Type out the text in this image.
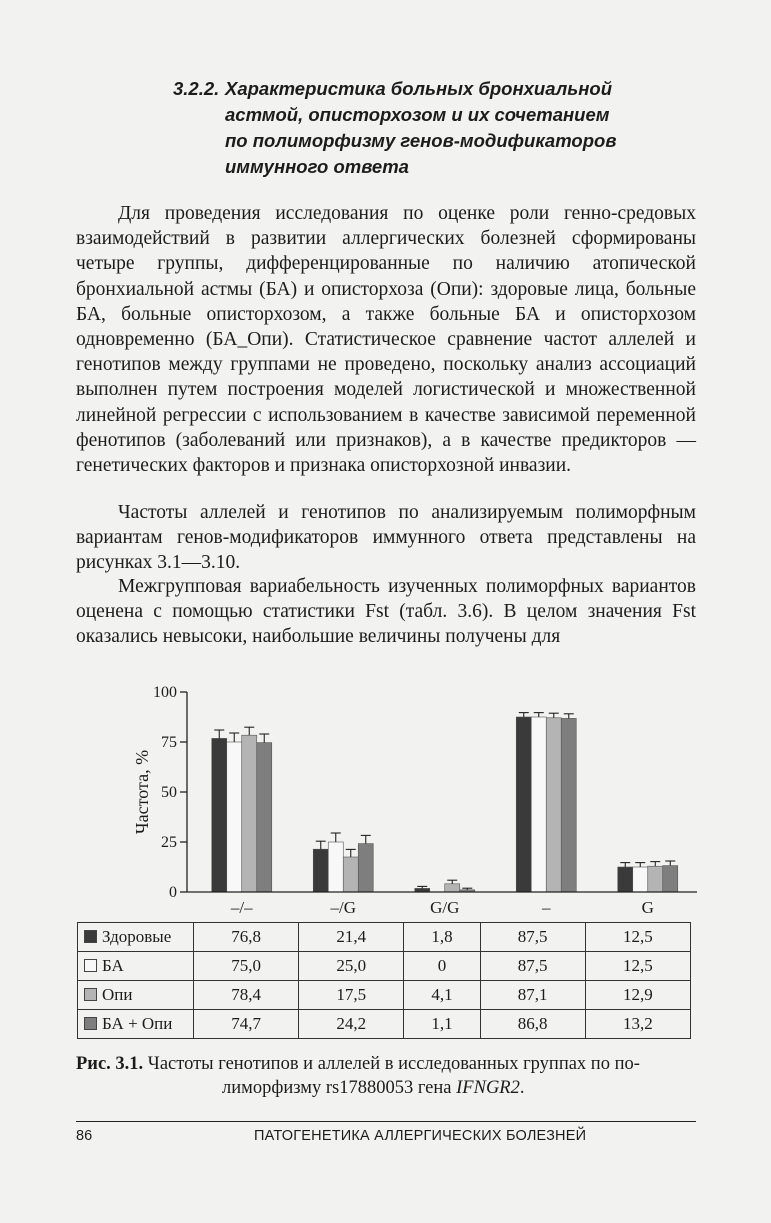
3.2.2. Характеристика больных бронхиальной
астмой, описторхозом и их сочетанием
по полиморфизму генов-модификаторов
иммунного ответа

Для проведения исследования по оценке роли генно-средовых взаимодействий в развитии аллергических болезней сформированы четыре группы, дифференцированные по наличию атопической бронхиальной астмы (БА) и описторхоза (Опи): здоровые лица, больные БА, больные описторхозом, а также больные БА и описторхозом одновременно (БА_Опи). Статистическое сравнение частот аллелей и генотипов между группами не проведено, поскольку анализ ассоциаций выполнен путем построения моделей логистической и множественной линейной регрессии с использованием в качестве зависимой переменной фенотипов (заболеваний или признаков), а в качестве предикторов — генетических факторов и признака описторхозной инвазии.

Частоты аллелей и генотипов по анализируемым полиморфным вариантам генов-модификаторов иммунного ответа представлены на рисунках 3.1—3.10.

Межгрупповая вариабельность изученных полиморфных вариантов оценена с помощью статистики Fst (табл. 3.6). В целом значения Fst оказались невысоки, наибольшие величины получены для

100
75
50
25
0
Частота, %
–/–	–/G	G/G	–	G
Здоровые	76,8	21,4	1,8	87,5	12,5
БА	75,0	25,0	0	87,5	12,5
Опи	78,4	17,5	4,1	87,1	12,9
БА + Опи	74,7	24,2	1,1	86,8	13,2
Рис. 3.1. Частоты генотипов и аллелей в исследованных группах по по-
лиморфизму rs17880053 гена IFNGR2.
86	ПАТОГЕНЕТИКА АЛЛЕРГИЧЕСКИХ БОЛЕЗНЕЙ
